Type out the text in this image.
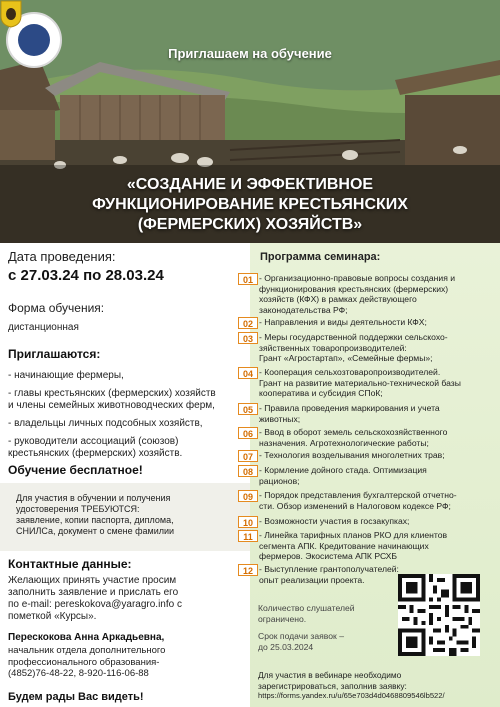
Приглашаем на обучение
«СОЗДАНИЕ И ЭФФЕКТИВНОЕ
ФУНКЦИОНИРОВАНИЕ КРЕСТЬЯНСКИХ
(ФЕРМЕРСКИХ) ХОЗЯЙСТВ»

Дата проведения:

с 27.03.24 по 28.03.24

Форма обучения:

дистанционная

Приглашаются:

- начинающие фермеры,
- главы крестьянских (фермерских) хозяйств
и члены семейных животноводческих ферм,
- владельцы личных подсобных хозяйств,
- руководители ассоциаций (союзов)
крестьянских (фермерских) хозяйств.

Обучение бесплатное!

Для участия в обучении и получения
удостоверения ТРЕБУЮТСЯ:
заявление, копии паспорта, диплома,
СНИЛСа, документ о смене фамилии

Контактные данные:

Желающих принять участие просим
заполнить заявление и прислать его
по e-mail: pereskokova@yaragro.info с
пометкой «Курсы».

Перескокова Анна Аркадьевна,

начальник отдела дополнительного
профессионального образования-
(4852)76-48-22, 8-920-116-06-88

Будем рады Вас видеть!

Программа семинара:

01 - Организационно-правовые вопросы создания и
функционирования крестьянских (фермерских)
хозяйств (КФХ) в рамках действующего
законодательства РФ;
02 - Направления и виды деятельности КФХ;
03 - Меры государственной поддержки сельскохо-
зяйственных товаропроизводителей:
Грант «Агростартап», «Семейные фермы»;
04 - Кооперация сельхозтоваропроизводителей.
Грант на развитие материально-технической базы
кооператива и субсидия СПоК;
05 - Правила проведения маркирования и учета
животных;
06 - Ввод в оборот земель сельскохозяйственного
назначения. Агротехнологические работы;
07 - Технология возделывания многолетних трав;
08 - Кормление дойного стада. Оптимизация
рационов;
09 - Порядок представления бухгалтерской отчетно-
сти. Обзор изменений в Налоговом кодексе РФ;
10 - Возможности участия в госзакупках;
11 - Линейка тарифных планов РКО для клиентов
сегмента АПК. Кредитование начинающих
фермеров. Экосистема АПК РСХБ
12 - Выступление грантополучателей:
опыт реализации проекта.
Количество слушателей
ограничено.
Срок подачи заявок –
до 25.03.2024
Для участия в вебинаре необходимо
зарегистрироваться, заполнив заявку:
https://forms.yandex.ru/u/65e703d4d0468809546lb522/
